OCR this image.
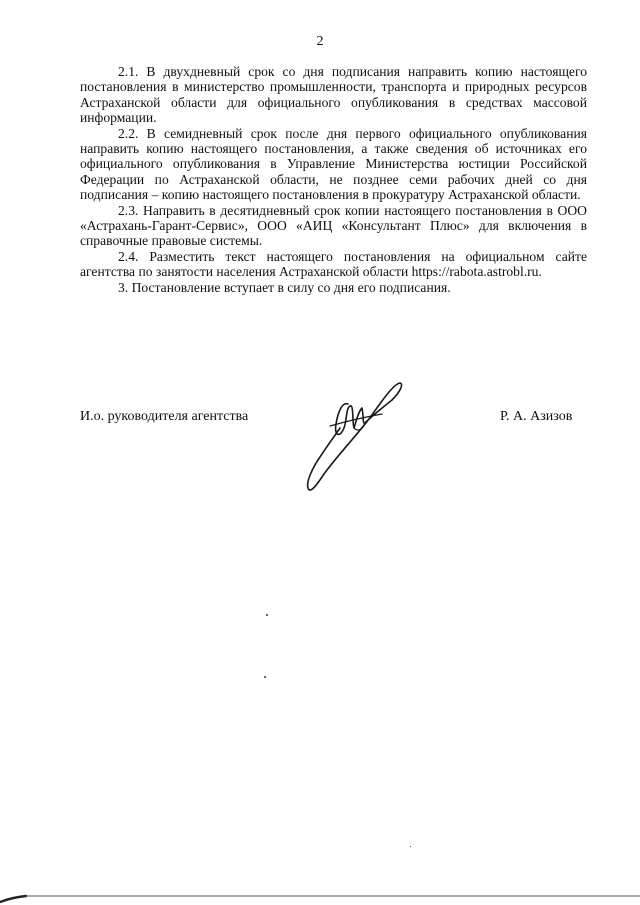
2

2.1. В двухдневный срок со дня подписания направить копию настоящего постановления в министерство промышленности, транспорта и природных ресурсов Астраханской области для официального опубликования в средствах массовой информации.

2.2. В семидневный срок после дня первого официального опубликования направить копию настоящего постановления, а также сведения об источниках его официального опубликования в Управление Министерства юстиции Российской Федерации по Астраханской области, не позднее семи рабочих дней со дня подписания – копию настоящего постановления в прокуратуру Астраханской области.

2.3. Направить в десятидневный срок копии настоящего постановления в ООО «Астрахань-Гарант-Сервис», ООО «АИЦ «Консультант Плюс» для включения в справочные правовые системы.

2.4. Разместить текст настоящего постановления на официальном сайте агентства по занятости населения Астраханской области https://rabota.astrobl.ru.

3. Постановление вступает в силу со дня его подписания.

И.о. руководителя агентства	Р. А. Азизов
